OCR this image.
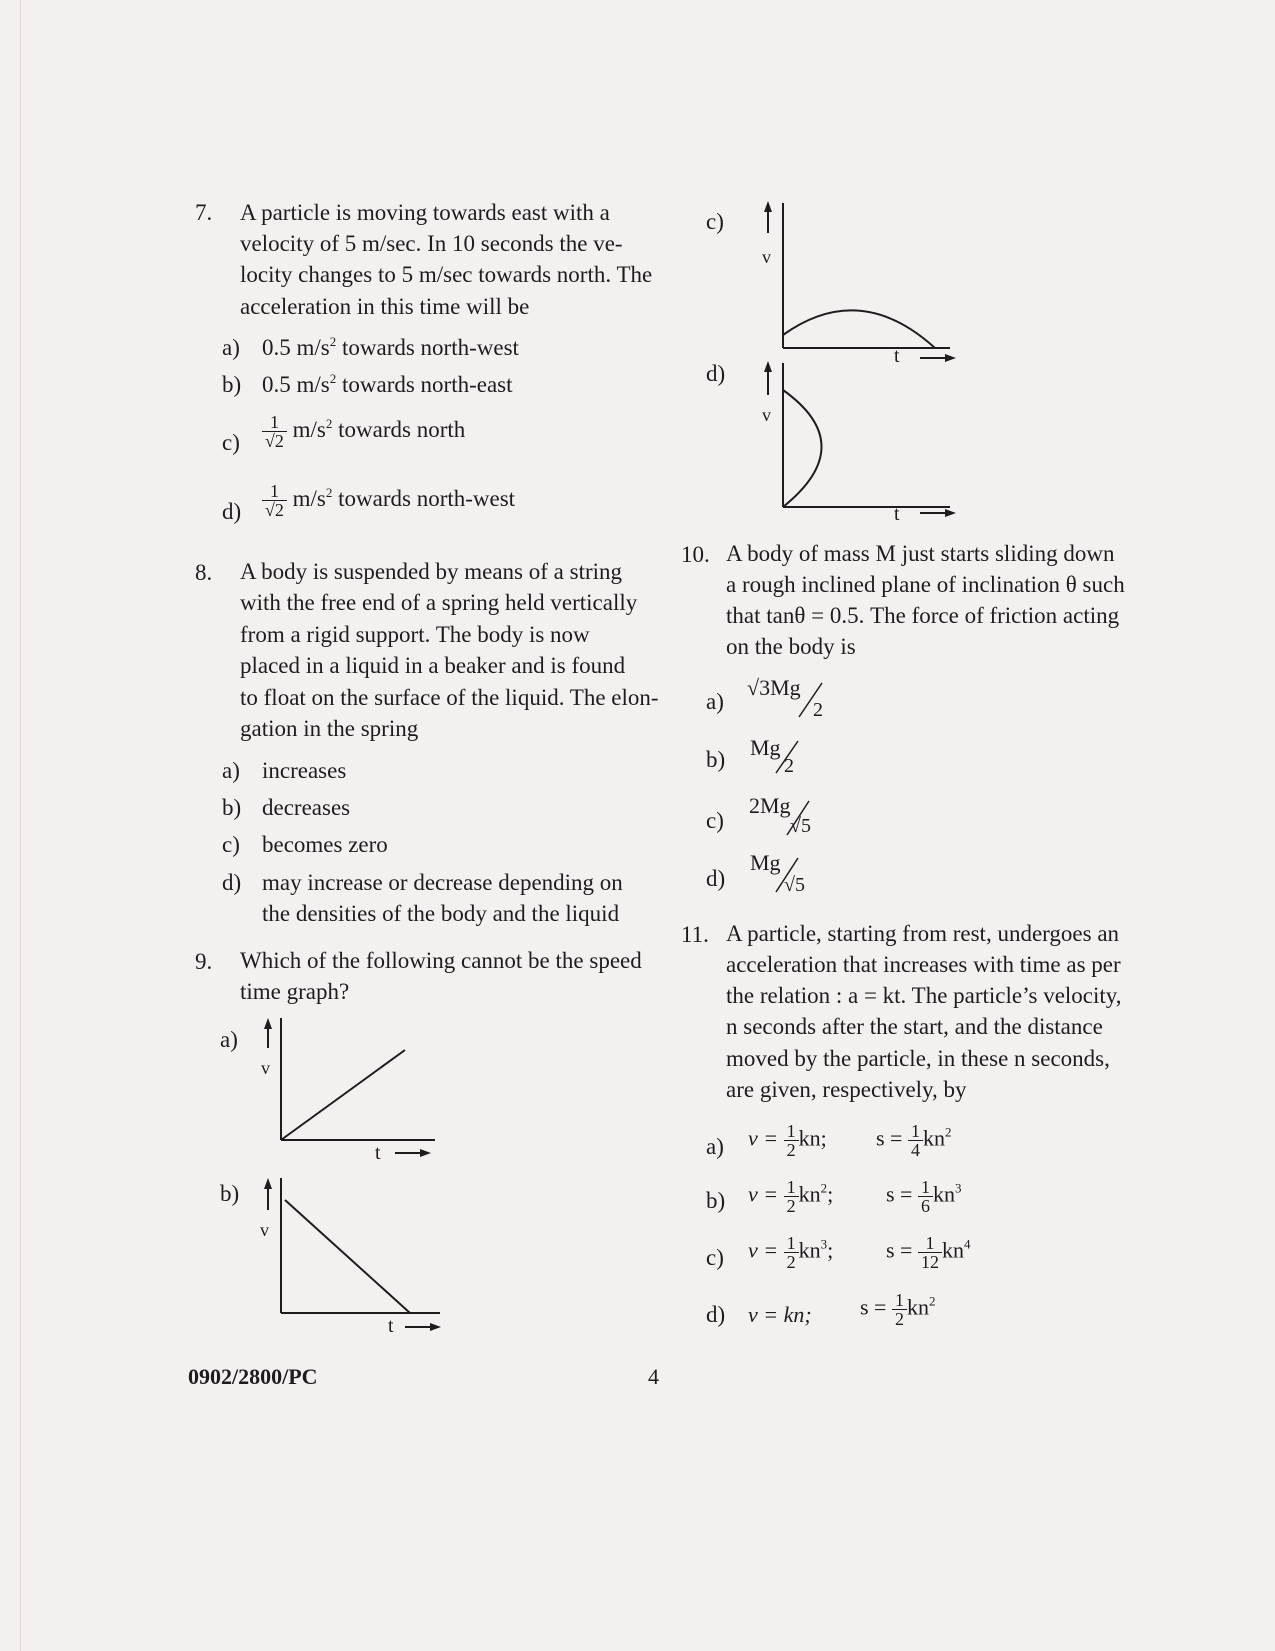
7. A particle is moving towards east with a
velocity of 5 m/sec. In 10 seconds the ve-
locity changes to 5 m/sec towards north. The
acceleration in this time will be
a) 0.5 $m/s^2$ towards north-west
b) 0.5 $m/s^2$ towards north-east
$c) \frac{1}{√2} m/s^2$ towards north
$d) \frac{1}{√2} m/s^2$ towards north-west
8. A body is suspended by means of a string
with the free end of a spring held vertically
from a rigid support. The body is now
placed in a liquid in a beaker and is found
to float on the surface of the liquid. The elon-
gation in the spring
a) increases
b) decreases
c) becomes zero
d) may increase or decrease depending on
the densities of the body and the liquid
9. Which of the following cannot be the speed
time graph?
a)
v
t
b)
v
t
c)
v
t
d)
v
t
10. A body of mass M just starts sliding down
a rough inclined plane of inclination θ such
that tanθ = 0.5. The force of friction acting
on the body is
a)
√3Mg
2
b) Mg
2
c)
2Mg
√5
d)
Mg
√5
11. A particle, starting from rest, undergoes an
acceleration that increases with time as per
the relation : a = kt. The particle’s velocity,
n seconds after the start, and the distance
moved by the particle, in these n seconds,
are given, respectively, by
a) $v = \frac{1}{2}$ kn; $s = \frac{1}{4} kn^2$
b) $v = \frac{1}{2} kn^2$; $s = \frac{1}{6} kn^3$
c) $v = \frac{1}{2} kn^3$; $s = \frac{1}{12} kn^4$
d) v = kn; $s = \frac{1}{2} kn^2$
0902/2800/PC	4
